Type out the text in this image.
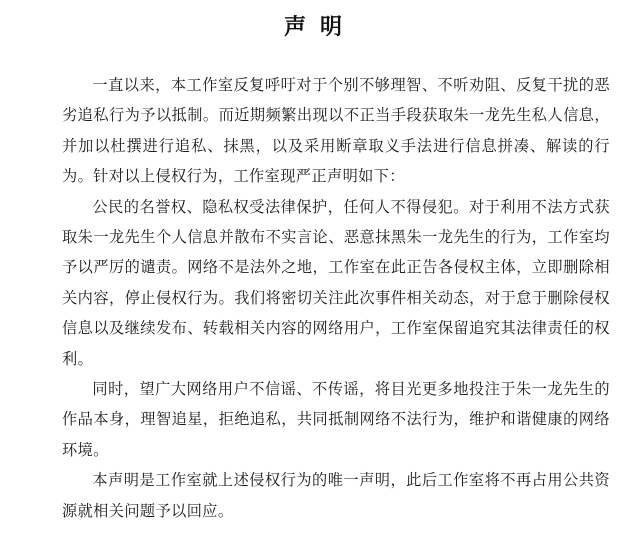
声明

一直以来，本工作室反复呼吁对于个别不够理智、不听劝阻、反复干扰的恶劣追私行为予以抵制。而近期频繁出现以不正当手段获取朱一龙先生私人信息，并加以杜撰进行追私、抹黑，以及采用断章取义手法进行信息拼凑、解读的行为。针对以上侵权行为，工作室现严正声明如下：

公民的名誉权、隐私权受法律保护，任何人不得侵犯。对于利用不法方式获取朱一龙先生个人信息并散布不实言论、恶意抹黑朱一龙先生的行为，工作室均予以严厉的谴责。网络不是法外之地，工作室在此正告各侵权主体，立即删除相关内容，停止侵权行为。我们将密切关注此次事件相关动态，对于怠于删除侵权信息以及继续发布、转载相关内容的网络用户，工作室保留追究其法律责任的权利。

同时，望广大网络用户不信谣、不传谣，将目光更多地投注于朱一龙先生的作品本身，理智追星，拒绝追私，共同抵制网络不法行为，维护和谐健康的网络环境。

本声明是工作室就上述侵权行为的唯一声明，此后工作室将不再占用公共资源就相关问题予以回应。
